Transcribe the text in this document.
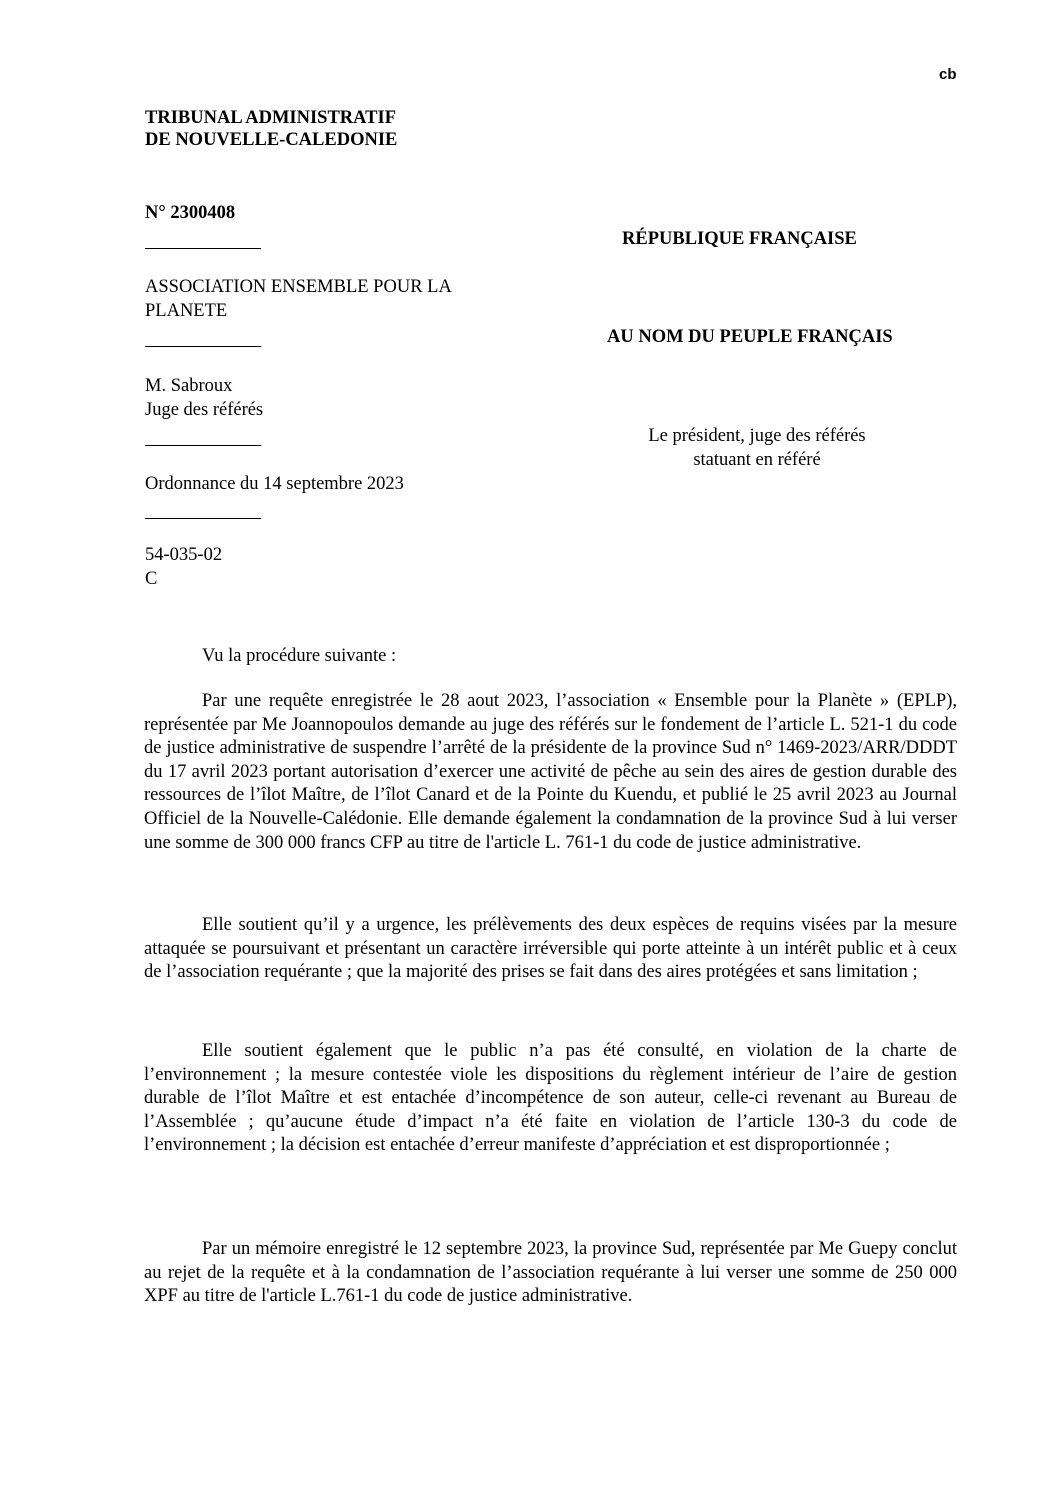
cb

TRIBUNAL ADMINISTRATIF

DE NOUVELLE-CALEDONIE

N° 2300408

ASSOCIATION ENSEMBLE POUR LA

PLANETE

M. Sabroux

Juge des référés

Ordonnance du 14 septembre 2023

54-035-02

C

RÉPUBLIQUE FRANÇAISE

AU NOM DU PEUPLE FRANÇAIS

Le président, juge des référés

statuant en référé

Vu la procédure suivante :

Par une requête enregistrée le 28 aout 2023, l’association « Ensemble pour la Planète » (EPLP), représentée par Me Joannopoulos demande au juge des référés sur le fondement de l’article L. 521-1 du code de justice administrative de suspendre l’arrêté de la présidente de la province Sud n° 1469-2023/ARR/DDDT du 17 avril 2023 portant autorisation d’exercer une activité de pêche au sein des aires de gestion durable des ressources de l’îlot Maître, de l’îlot Canard et de la Pointe du Kuendu, et publié le 25 avril 2023 au Journal Officiel de la Nouvelle-Calédonie. Elle demande également la condamnation de la province Sud à lui verser une somme de 300 000 francs CFP au titre de l'article L. 761-1 du code de justice administrative.

Elle soutient qu’il y a urgence, les prélèvements des deux espèces de requins visées par la mesure attaquée se poursuivant et présentant un caractère irréversible qui porte atteinte à un intérêt public et à ceux de l’association requérante ; que la majorité des prises se fait dans des aires protégées et sans limitation ;

Elle soutient également que le public n’a pas été consulté, en violation de la charte de l’environnement ; la mesure contestée viole les dispositions du règlement intérieur de l’aire de gestion durable de l’îlot Maître et est entachée d’incompétence de son auteur, celle-ci revenant au Bureau de l’Assemblée ; qu’aucune étude d’impact n’a été faite en violation de l’article 130-3 du code de l’environnement ; la décision est entachée d’erreur manifeste d’appréciation et est disproportionnée ;

Par un mémoire enregistré le 12 septembre 2023, la province Sud, représentée par Me Guepy conclut au rejet de la requête et à la condamnation de l’association requérante à lui verser une somme de 250 000 XPF au titre de l'article L.761-1 du code de justice administrative.
